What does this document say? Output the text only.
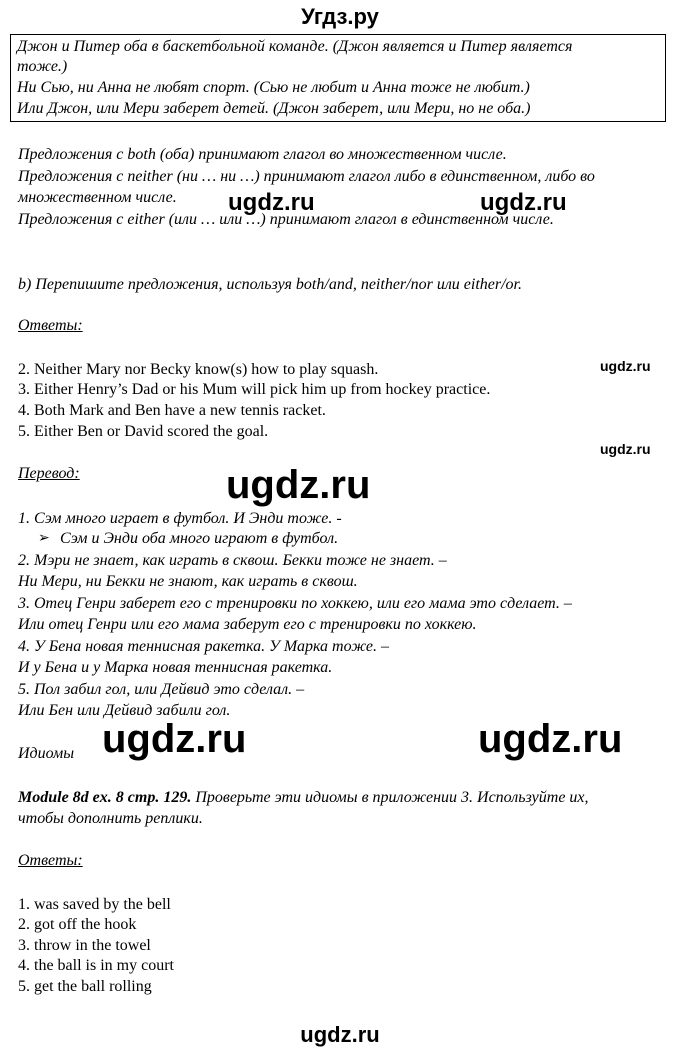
Угдз.ру
Джон и Питер оба в баскетбольной команде. (Джон является и Питер является
тоже.)
Ни Сью, ни Анна не любят спорт. (Сью не любит и Анна тоже не любит.)
Или Джон, или Мери заберет детей. (Джон заберет, или Мери, но не оба.)
Предложения с both (оба) принимают глагол во множественном числе.
Предложения с neither (ни … ни …) принимают глагол либо в единственном, либо во
множественном числе.
Предложения с either (или … или …) принимают глагол в единственном числе.
ugdz.ru	ugdz.ru
b) Перепишите предложения, используя both/and, neither/nor или either/or.
Ответы:
2. Neither Mary nor Becky know(s) how to play squash.
3. Either Henry’s Dad or his Mum will pick him up from hockey practice.
4. Both Mark and Ben have a new tennis racket.
5. Either Ben or David scored the goal.
ugdz.ru
ugdz.ru
Перевод:	ugdz.ru
1. Сэм много играет в футбол. И Энди тоже. -
➢ Сэм и Энди оба много играют в футбол.
2. Мэри не знает, как играть в сквош. Бекки тоже не знает. –
Ни Мери, ни Бекки не знают, как играть в сквош.
3. Отец Генри заберет его с тренировки по хоккею, или его мама это сделает. –
Или отец Генри или его мама заберут его с тренировки по хоккею.
4. У Бена новая теннисная ракетка. У Марка тоже. –
И у Бена и у Марка новая теннисная ракетка.
5. Пол забил гол, или Дейвид это сделал. –
Или Бен или Дейвид забили гол.
Идиомы ugdz.ru	ugdz.ru
Module 8d ex. 8 стр. 129. Проверьте эти идиомы в приложении 3. Используйте их,
чтобы дополнить реплики.
Ответы:
1. was saved by the bell
2. got off the hook
3. throw in the towel
4. the ball is in my court
5. get the ball rolling
ugdz.ru
